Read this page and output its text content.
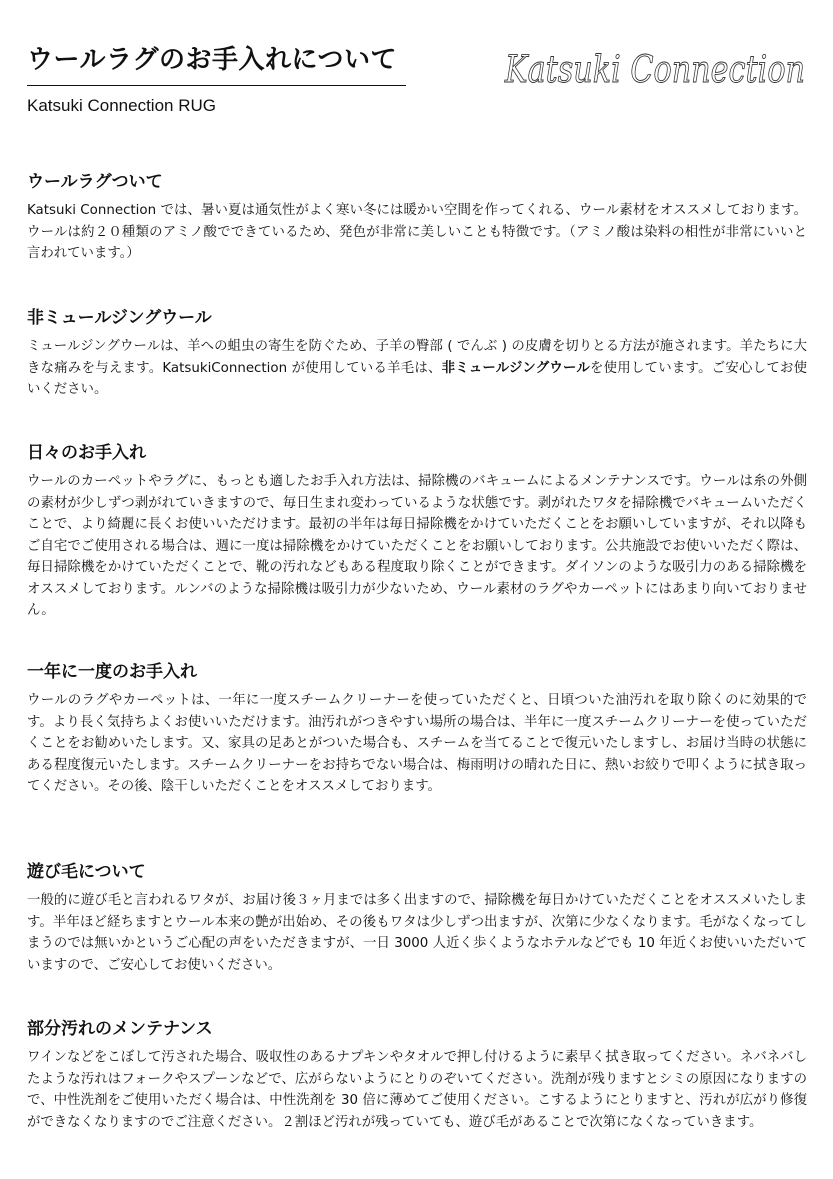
ウールラグのお手入れについて
Katsuki Connection RUG
Katsuki Connection
ウールラグついて

Katsuki Connection では、暑い夏は通気性がよく寒い冬には暖かい空間を作ってくれる、ウール素材をオススメしております。ウールは約２０種類のアミノ酸でできているため、発色が非常に美しいことも特徴です。（アミノ酸は染料の相性が非常にいいと言われています。）

非ミュールジングウール

ミュールジングウールは、羊への蛆虫の寄生を防ぐため、子羊の臀部 ( でんぶ ) の皮膚を切りとる方法が施されます。羊たちに大きな痛みを与えます。KatsukiConnection が使用している羊毛は、非ミュールジングウールを使用しています。ご安心してお使いください。

日々のお手入れ

ウールのカーペットやラグに、もっとも適したお手入れ方法は、掃除機のバキュームによるメンテナンスです。ウールは糸の外側の素材が少しずつ剥がれていきますので、毎日生まれ変わっているような状態です。剥がれたワタを掃除機でバキュームいただくことで、より綺麗に長くお使いいただけます。最初の半年は毎日掃除機をかけていただくことをお願いしていますが、それ以降もご自宅でご使用される場合は、週に一度は掃除機をかけていただくことをお願いしております。公共施設でお使いいただく際は、毎日掃除機をかけていただくことで、靴の汚れなどもある程度取り除くことができます。ダイソンのような吸引力のある掃除機をオススメしております。ルンバのような掃除機は吸引力が少ないため、ウール素材のラグやカーペットにはあまり向いておりません。

一年に一度のお手入れ

ウールのラグやカーペットは、一年に一度スチームクリーナーを使っていただくと、日頃ついた油汚れを取り除くのに効果的です。より長く気持ちよくお使いいただけます。油汚れがつきやすい場所の場合は、半年に一度スチームクリーナーを使っていただくことをお勧めいたします。又、家具の足あとがついた場合も、スチームを当てることで復元いたしますし、お届け当時の状態にある程度復元いたします。スチームクリーナーをお持ちでない場合は、梅雨明けの晴れた日に、熱いお絞りで叩くように拭き取ってください。その後、陰干しいただくことをオススメしております。

遊び毛について

一般的に遊び毛と言われるワタが、お届け後３ヶ月までは多く出ますので、掃除機を毎日かけていただくことをオススメいたします。半年ほど経ちますとウール本来の艶が出始め、その後もワタは少しずつ出ますが、次第に少なくなります。毛がなくなってしまうのでは無いかというご心配の声をいただきますが、一日 3000 人近く歩くようなホテルなどでも 10 年近くお使いいただいていますので、ご安心してお使いください。

部分汚れのメンテナンス

ワインなどをこぼして汚された場合、吸収性のあるナプキンやタオルで押し付けるように素早く拭き取ってください。ネバネバしたような汚れはフォークやスプーンなどで、広がらないようにとりのぞいてください。洗剤が残りますとシミの原因になりますので、中性洗剤をご使用いただく場合は、中性洗剤を 30 倍に薄めてご使用ください。こするようにとりますと、汚れが広がり修復ができなくなりますのでご注意ください。２割ほど汚れが残っていても、遊び毛があることで次第になくなっていきます。
